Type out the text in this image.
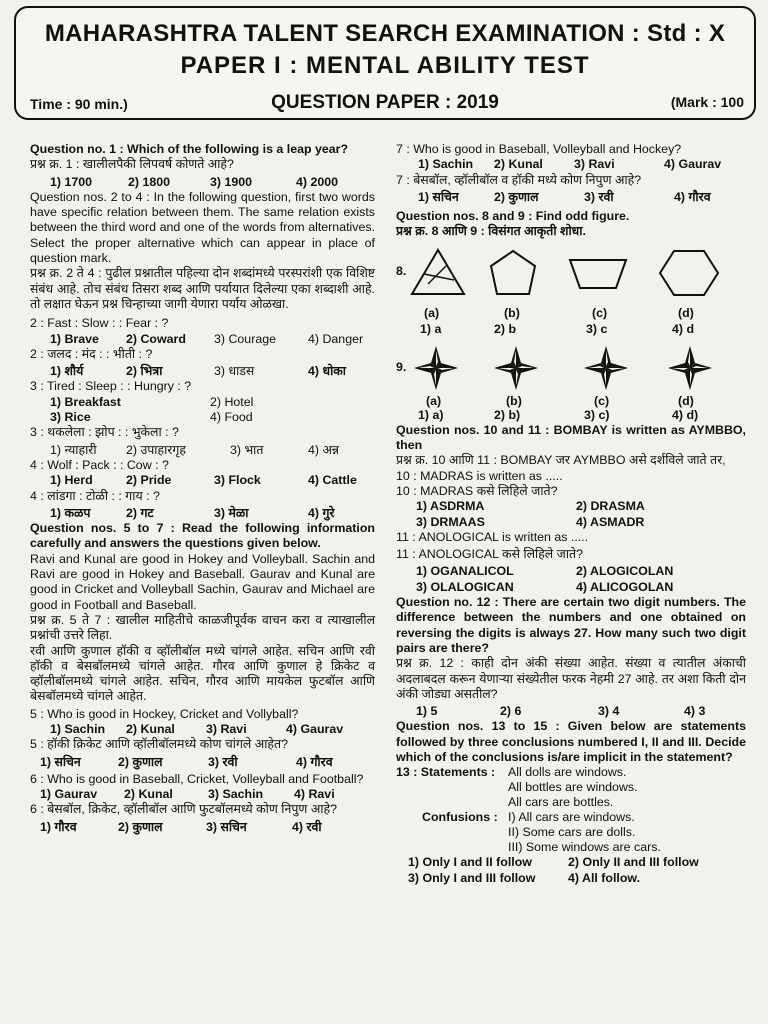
MAHARASHTRA TALENT SEARCH EXAMINATION : Std : X
PAPER I : MENTAL ABILITY TEST
Time : 90 min.)	QUESTION PAPER : 2019	(Mark : 100
Question no. 1 : Which of the following is a leap year?
प्रश्न क्र. 1 : खालीलपैकी लिपवर्ष कोणते आहे?
1) 1700	2) 1800	3) 1900	4) 2000
Question nos. 2 to 4 : In the following question, first two words have specific relation between them. The same relation exists between the third word and one of the words from alternatives. Select the proper alternative which can appear in place of question mark.
प्रश्न क्र. 2 ते 4 : पुढील प्रश्नातील पहिल्या दोन शब्दांमध्ये परस्परांशी एक विशिष्ट संबंध आहे. तोच संबंध तिसरा शब्द आणि पर्यायात दिलेल्या एका शब्दाशी आहे. तो लक्षात घेऊन प्रश्न चिन्हाच्या जागी येणारा पर्याय ओळखा.
2 : Fast : Slow : : Fear : ?
1) Brave	2) Coward	3) Courage	4) Danger
2 : जलद : मंद : : भीती : ?
1) शौर्य	2) भित्रा	3) धाडस	4) धोका
3 : Tired : Sleep : : Hungry : ?
1) Breakfast	2) Hotel
3) Rice	4) Food
3 : थकलेला : झोप : : भुकेला : ?
1) न्याहारी	2) उपाहारगृह	3) भात	4) अन्न
4 : Wolf : Pack : : Cow : ?
1) Herd	2) Pride	3) Flock	4) Cattle
4 : लांडगा : टोळी : : गाय : ?
1) कळप	2) गट	3) मेळा	4) गुरे
Question nos. 5 to 7 : Read the following information carefully and answers the questions given below.
Ravi and Kunal are good in Hokey and Volleyball. Sachin and Ravi are good in Hokey and Baseball. Gaurav and Kunal are good in Cricket and Volleyball Sachin, Gaurav and Michael are good in Football and Baseball.
प्रश्न क्र. 5 ते 7 : खालील माहितीचे काळजीपूर्वक वाचन करा व त्याखालील प्रश्नांची उत्तरे लिहा.
रवी आणि कुणाल हॉकी व व्हॉलीबॉल मध्ये चांगले आहेत. सचिन आणि रवी हॉकी व बेसबॉलमध्ये चांगले आहेत. गौरव आणि कुणाल हे क्रिकेट व व्हॉलीबॉलमध्ये चांगले आहेत. सचिन, गौरव आणि मायकेल फुटबॉल आणि बेसबॉलमध्ये चांगले आहेत.
5 : Who is good in Hockey, Cricket and Vollyball?
1) Sachin	2) Kunal	3) Ravi	4) Gaurav
5 : हॉकी क्रिकेट आणि व्हॉलीबॉलमध्ये कोण चांगले आहेत?
1) सचिन	2) कुणाल	3) रवी	4) गौरव
6 : Who is good in Baseball, Cricket, Volleyball and Football?
1) Gaurav	2) Kunal	3) Sachin	4) Ravi
6 : बेसबॉल, क्रिकेट, व्हॉलीबॉल आणि फुटबॉलमध्ये कोण निपुण आहे?
1) गौरव	2) कुणाल	3) सचिन	4) रवी
7 : Who is good in Baseball, Volleyball and Hockey?
1) Sachin	2) Kunal	3) Ravi	4) Gaurav
7 : बेसबॉल, व्हॉलीबॉल व हॉकी मध्ये कोण निपुण आहे?
1) सचिन	2) कुणाल	3) रवी	4) गौरव
Question nos. 8 and 9 : Find odd figure.
प्रश्न क्र. 8 आणि 9 : विसंगत आकृती शोधा.
8.
(a)	(b)	(c)	(d)
1) a	2) b	3) c	4) d
9.
(a)	(b)	(c)	(d)
1) a)	2) b)	3) c)	4) d)
Question nos. 10 and 11 : BOMBAY is written as AYMBBO, then
प्रश्न क्र. 10 आणि 11 : BOMBAY जर AYMBBO असे दर्शविले जाते तर,
10 : MADRAS is written as .....
10 : MADRAS कसे लिहिले जाते?
1) ASDRMA	2) DRASMA
3) DRMAAS	4) ASMADR
11 : ANOLOGICAL is written as .....
11 : ANOLOGICAL कसे लिहिले जाते?
1) OGANALICOL	2) ALOGICOLAN
3) OLALOGICAN	4) ALICOGOLAN
Question no. 12 : There are certain two digit numbers. The difference between the numbers and one obtained on reversing the digits is always 27. How many such two digit pairs are there?
प्रश्न क्र. 12 : काही दोन अंकी संख्या आहेत. संख्या व त्यातील अंकाची अदलाबदल करून येणाऱ्या संख्येतील फरक नेहमी 27 आहे. तर अशा किती दोन अंकी जोड्या असतील?
1) 5	2) 6	3) 4	4) 3
Question nos. 13 to 15 : Given below are statements followed by three conclusions numbered I, II and III. Decide which of the conclusions is/are implicit in the statement?
13 : Statements : All dolls are windows.
All bottles are windows.
All cars are bottles.
Confusions : I) All cars are windows.
II) Some cars are dolls.
III) Some windows are cars.
1) Only I and II follow	2) Only II and III follow
3) Only I and III follow	4) All follow.
